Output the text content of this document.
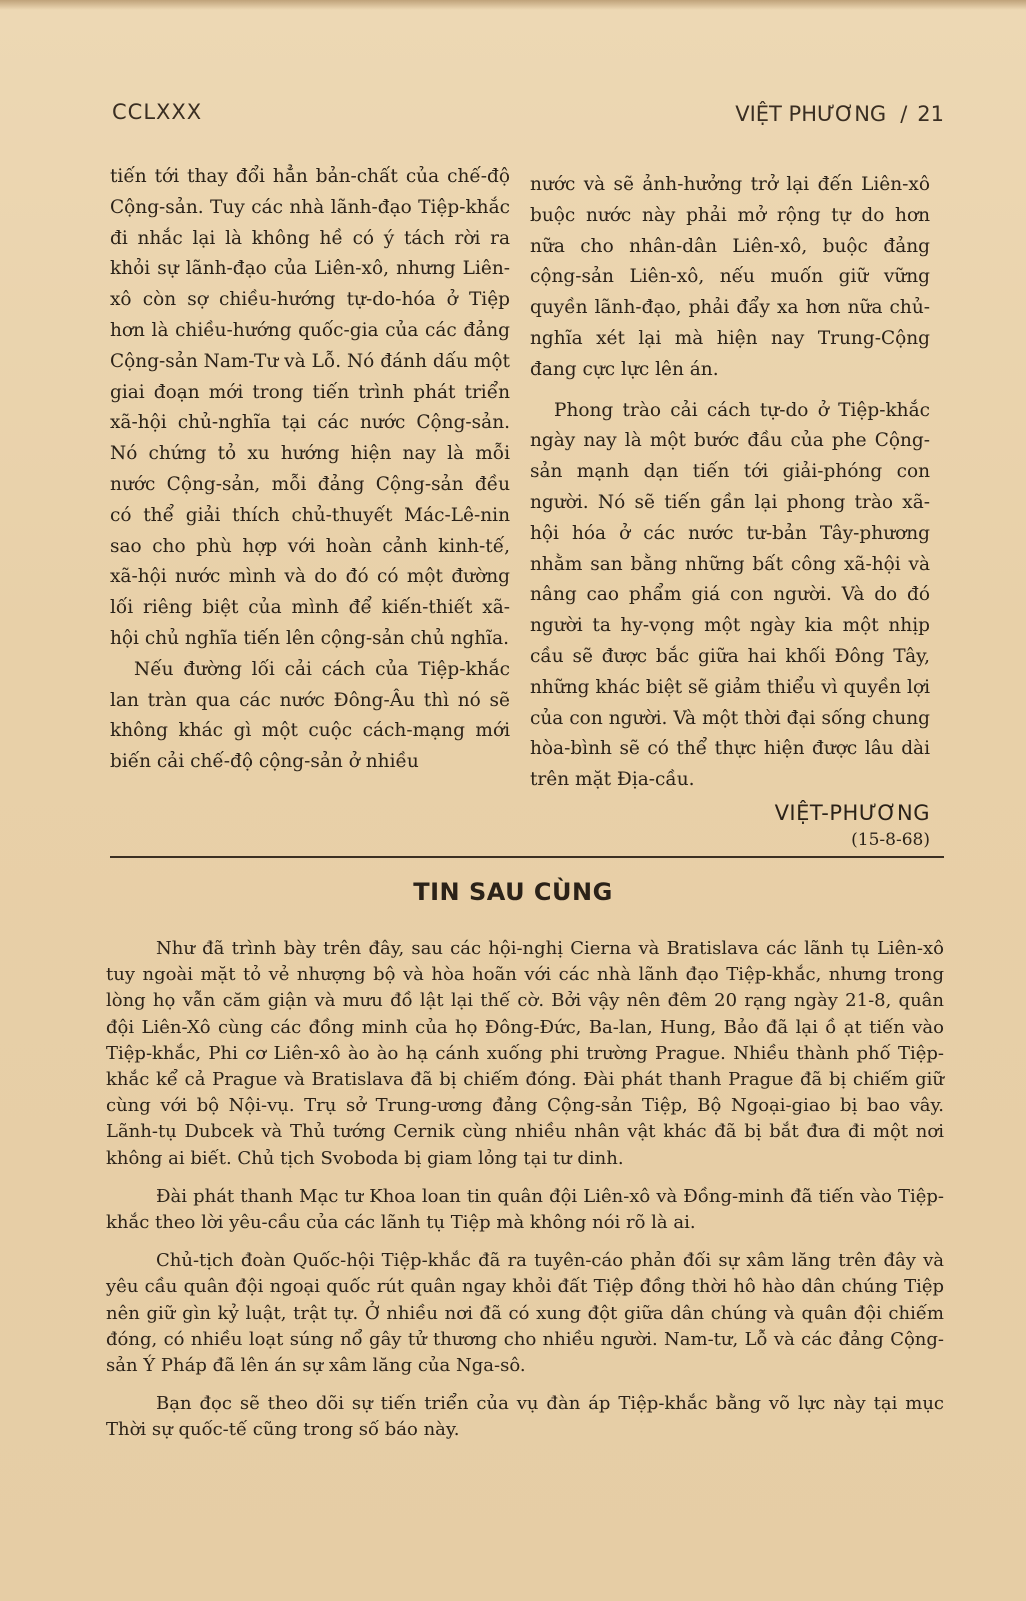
CCLXXX	VIỆT PHƯƠNG / 21

tiến tới thay đổi hẳn bản-chất của chế-độ Cộng-sản. Tuy các nhà lãnh-đạo Tiệp-khắc đi nhắc lại là không hề có ý tách rời ra khỏi sự lãnh-đạo của Liên-xô, nhưng Liên-xô còn sợ chiều-hướng tự-do-hóa ở Tiệp hơn là chiều-hướng quốc-gia của các đảng Cộng-sản Nam-Tư và Lỗ. Nó đánh dấu một giai đoạn mới trong tiến trình phát triển xã-hội chủ-nghĩa tại các nước Cộng-sản. Nó chứng tỏ xu hướng hiện nay là mỗi nước Cộng-sản, mỗi đảng Cộng-sản đều có thể giải thích chủ-thuyết Mác-Lê-nin sao cho phù hợp với hoàn cảnh kinh-tế, xã-hội nước mình và do đó có một đường lối riêng biệt của mình để kiến-thiết xã-hội chủ nghĩa tiến lên cộng-sản chủ nghĩa.

Nếu đường lối cải cách của Tiệp-khắc lan tràn qua các nước Đông-Âu thì nó sẽ không khác gì một cuộc cách-mạng mới biến cải chế-độ cộng-sản ở nhiều

nước và sẽ ảnh-hưởng trở lại đến Liên-xô buộc nước này phải mở rộng tự do hơn nữa cho nhân-dân Liên-xô, buộc đảng cộng-sản Liên-xô, nếu muốn giữ vững quyền lãnh-đạo, phải đẩy xa hơn nữa chủ-nghĩa xét lại mà hiện nay Trung-Cộng đang cực lực lên án.

Phong trào cải cách tự-do ở Tiệp-khắc ngày nay là một bước đầu của phe Cộng-sản mạnh dạn tiến tới giải-phóng con người. Nó sẽ tiến gần lại phong trào xã-hội hóa ở các nước tư-bản Tây-phương nhằm san bằng những bất công xã-hội và nâng cao phẩm giá con người. Và do đó người ta hy-vọng một ngày kia một nhịp cầu sẽ được bắc giữa hai khối Đông Tây, những khác biệt sẽ giảm thiểu vì quyền lợi của con người. Và một thời đại sống chung hòa-bình sẽ có thể thực hiện được lâu dài trên mặt Địa-cầu.

VIỆT-PHƯƠNG
(15-8-68)
TIN SAU CÙNG

Như đã trình bày trên đây, sau các hội-nghị Cierna và Bratislava các lãnh tụ Liên-xô tuy ngoài mặt tỏ vẻ nhượng bộ và hòa hoãn với các nhà lãnh đạo Tiệp-khắc, nhưng trong lòng họ vẫn căm giận và mưu đồ lật lại thế cờ. Bởi vậy nên đêm 20 rạng ngày 21-8, quân đội Liên-Xô cùng các đồng minh của họ Đông-Đức, Ba-lan, Hung, Bảo đã lại ồ ạt tiến vào Tiệp-khắc, Phi cơ Liên-xô ào ào hạ cánh xuống phi trường Prague. Nhiều thành phố Tiệp-khắc kể cả Prague và Bratislava đã bị chiếm đóng. Đài phát thanh Prague đã bị chiếm giữ cùng với bộ Nội-vụ. Trụ sở Trung-ương đảng Cộng-sản Tiệp, Bộ Ngoại-giao bị bao vây. Lãnh-tụ Dubcek và Thủ tướng Cernik cùng nhiều nhân vật khác đã bị bắt đưa đi một nơi không ai biết. Chủ tịch Svoboda bị giam lỏng tại tư dinh.

Đài phát thanh Mạc tư Khoa loan tin quân đội Liên-xô và Đồng-minh đã tiến vào Tiệp-khắc theo lời yêu-cầu của các lãnh tụ Tiệp mà không nói rõ là ai.

Chủ-tịch đoàn Quốc-hội Tiệp-khắc đã ra tuyên-cáo phản đối sự xâm lăng trên đây và yêu cầu quân đội ngoại quốc rút quân ngay khỏi đất Tiệp đồng thời hô hào dân chúng Tiệp nên giữ gìn kỷ luật, trật tự. Ở nhiều nơi đã có xung đột giữa dân chúng và quân đội chiếm đóng, có nhiều loạt súng nổ gây tử thương cho nhiều người. Nam-tư, Lỗ và các đảng Cộng-sản Ý Pháp đã lên án sự xâm lăng của Nga-sô.

Bạn đọc sẽ theo dõi sự tiến triển của vụ đàn áp Tiệp-khắc bằng võ lực này tại mục Thời sự quốc-tế cũng trong số báo này.
